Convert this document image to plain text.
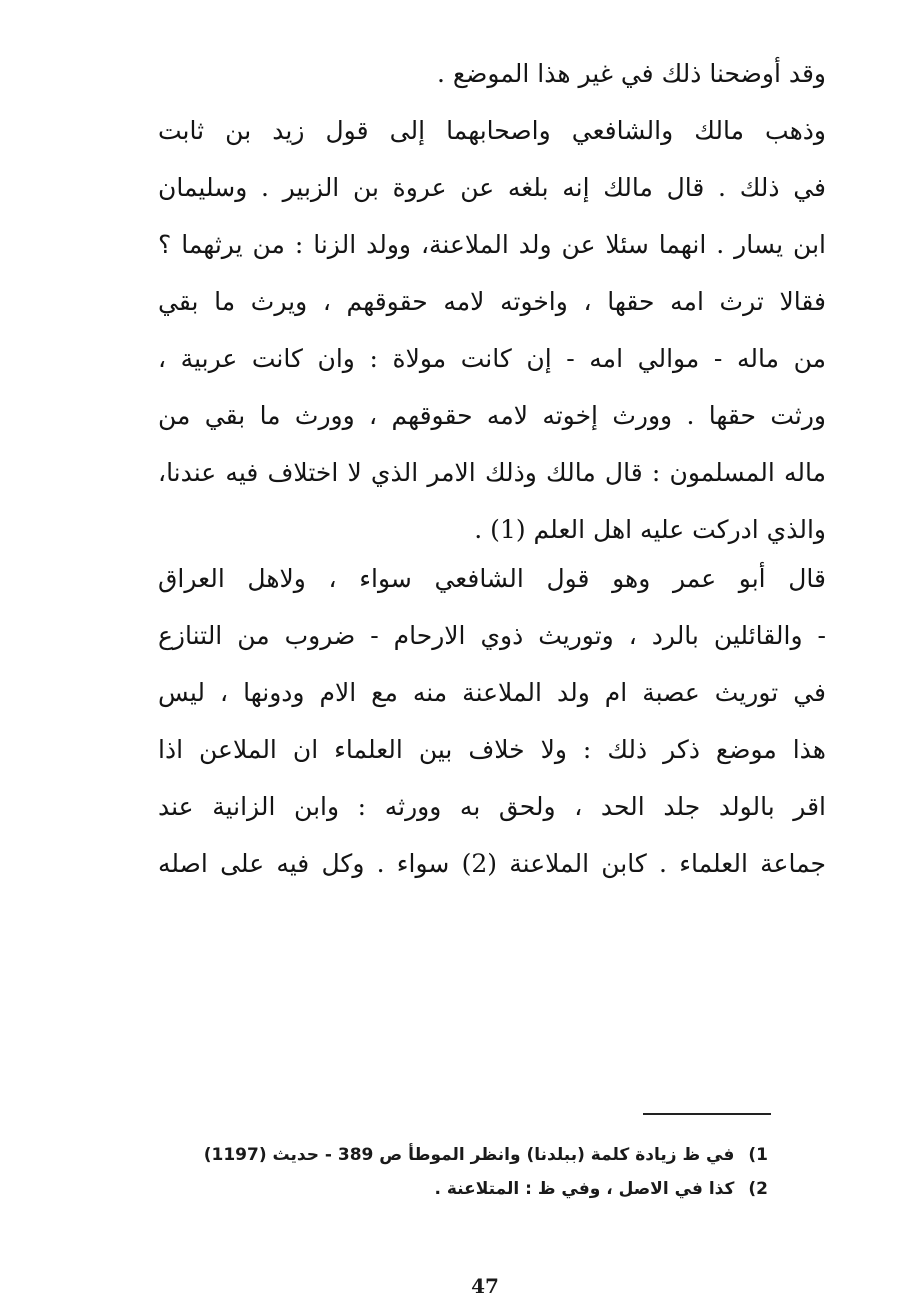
وقد أوضحنا ذلك في غير هذا الموضع .
وذهب مالك والشافعي واصحابهما إلى قول زيد بن ثابت
في ذلك . قال مالك إنه بلغه عن عروة بن الزبير . وسليمان
ابن يسار . انهما سئلا عن ولد الملاعنة، وولد الزنا : من يرثهما ؟
فقالا ترث امه حقها ، واخوته لامه حقوقهم ، ويرث ما بقي
من ماله - موالي امه - إن كانت مولاة : وان كانت عربية ،
ورثت حقها . وورث إخوته لامه حقوقهم ، وورث ما بقي من
ماله المسلمون : قال مالك وذلك الامر الذي لا اختلاف فيه عندنا،
والذي ادركت عليه اهل العلم (1) .
قال أبو عمر وهو قول الشافعي سواء ، ولاهل العراق
- والقائلين بالرد ، وتوريث ذوي الارحام - ضروب من التنازع
في توريث عصبة ام ولد الملاعنة منه مع الام ودونها ، ليس
هذا موضع ذكر ذلك : ولا خلاف بين العلماء ان الملاعن اذا
اقر بالولد جلد الحد ، ولحق به وورثه : وابن الزانية عند
جماعة العلماء . كابن الملاعنة (2) سواء . وكل فيه على اصله
1)في ظ زيادة كلمة (ببلدنا) وانظر الموطأ ص 389 - حديث (1197)
2)كذا في الاصل ، وفي ظ : المتلاعنة .
47
